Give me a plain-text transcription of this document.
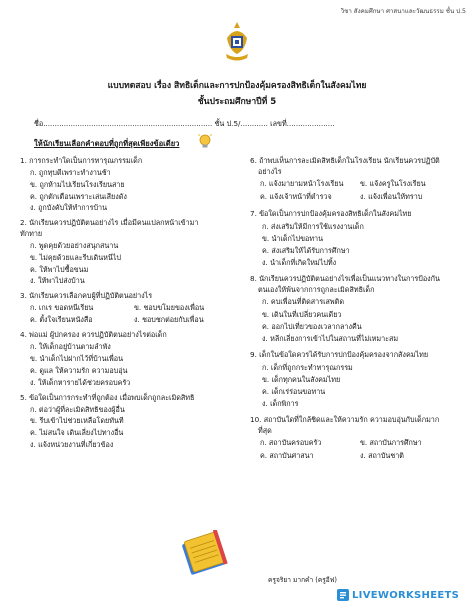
วิชา สังคมศึกษา ศาสนาและวัฒนธรรม ชั้น ป.5
แบบทดสอบ เรื่อง สิทธิเด็กและการปกป้องคุ้มครองสิทธิเด็กในสังคมไทย
ชั้นประถมศึกษาปีที่ 5
ชื่อ.......................................................................... ชั้น ป.5/............ เลขที่.....................
ให้นักเรียนเลือกคำตอบที่ถูกที่สุดเพียงข้อเดียว
1. การกระทำใดเป็นการทารุณกรรมเด็ก
ก. ถูกทุบตีเพราะทำงานช้า
ข. ถูกห้ามไปเรียนโรงเรียนสาย
ค. ถูกตักเตือนเพราะเล่นเสียงดัง
ง. ถูกบังคับให้ทำการบ้าน
2. นักเรียนควรปฏิบัติตนอย่างไร เมื่อมีคนแปลกหน้าเข้ามา
ทักทาย
ก. พูดคุยด้วยอย่างสนุกสนาน
ข. ไม่คุยด้วยและรีบเดินหนีไป
ค. ให้พาไปซื้อขนม
ง. ให้พาไปส่งบ้าน
3. นักเรียนควรเลือกคบผู้ที่ปฏิบัติตนอย่างไร
ก. เกเร ขอดหนีเรียน	ข. ชอบขโมยของเพื่อน
ค. ตั้งใจเรียนหนังสือ	ง. ชอบชกต่อยกับเพื่อน
4. พ่อแม่ ผู้ปกครอง ควรปฏิบัติตนอย่างไรต่อเด็ก
ก. ให้เด็กอยู่บ้านตามลำพัง
ข. นำเด็กไปฝากไว้ที่บ้านเพื่อน
ค. ดูแล ให้ความรัก ความอบอุ่น
ง. ให้เด็กหารายได้ช่วยครอบครัว
5. ข้อใดเป็นการกระทำที่ถูกต้อง เมื่อพบเด็กถูกละเมิดสิทธิ
ก. ต่อว่าผู้ที่ละเมิดสิทธิของผู้อื่น
ข. รีบเข้าไปช่วยเหลือโดยทันที
ค. ไม่สนใจ เดินเลี่ยงไปทางอื่น
ง. แจ้งหน่วยงานที่เกี่ยวข้อง
6. ถ้าพบเห็นการละเมิดสิทธิเด็กในโรงเรียน นักเรียนควรปฏิบัติ
อย่างไร
ก. แจ้งมายามหน้าโรงเรียน ข. แจ้งครูในโรงเรียน
ค. แจ้งเจ้าหน้าที่ตำรวจ	ง. แจ้งเพื่อนให้ทราบ
7. ข้อใดเป็นการปกป้องคุ้มครองสิทธิเด็กในสังคมไทย
ก. ส่งเสริมให้มีการใช้แรงงานเด็ก
ข. นำเด็กไปขอทาน
ค. ส่งเสริมให้ได้รับการศึกษา
ง. นำเด็กที่เกิดใหม่ไปทิ้ง
8. นักเรียนควรปฏิบัติตนอย่างไรเพื่อเป็นแนวทางในการป้องกัน
ตนเองให้พ้นจากการถูกละเมิดสิทธิเด็ก
ก. คบเพื่อนที่ติดสารเสพติด
ข. เดินในที่เปลี่ยวคนเดียว
ค. ออกไปเที่ยวของเวลากลางคืน
ง. หลีกเลี่ยงการเข้าไปในสถานที่ไม่เหมาะสม
9. เด็กในข้อใดควรได้รับการปกป้องคุ้มครองจากสังคมไทย
ก. เด็กที่ถูกกระทำทารุณกรรม
ข. เด็กทุกคนในสังคมไทย
ค. เด็กเร่ร่อนขอทาน
ง. เด็กพิการ
10. สถาบันใดที่ใกล้ชิดและให้ความรัก ความอบอุ่นกับเด็กมาก
ที่สุด
ก. สถาบันครอบครัว	ข. สถาบันการศึกษา
ค. สถาบันศาสนา	ง. สถาบันชาติ
ครูจริยา มากคำ (ครูอีฟ)
LIVEWORKSHEETS
